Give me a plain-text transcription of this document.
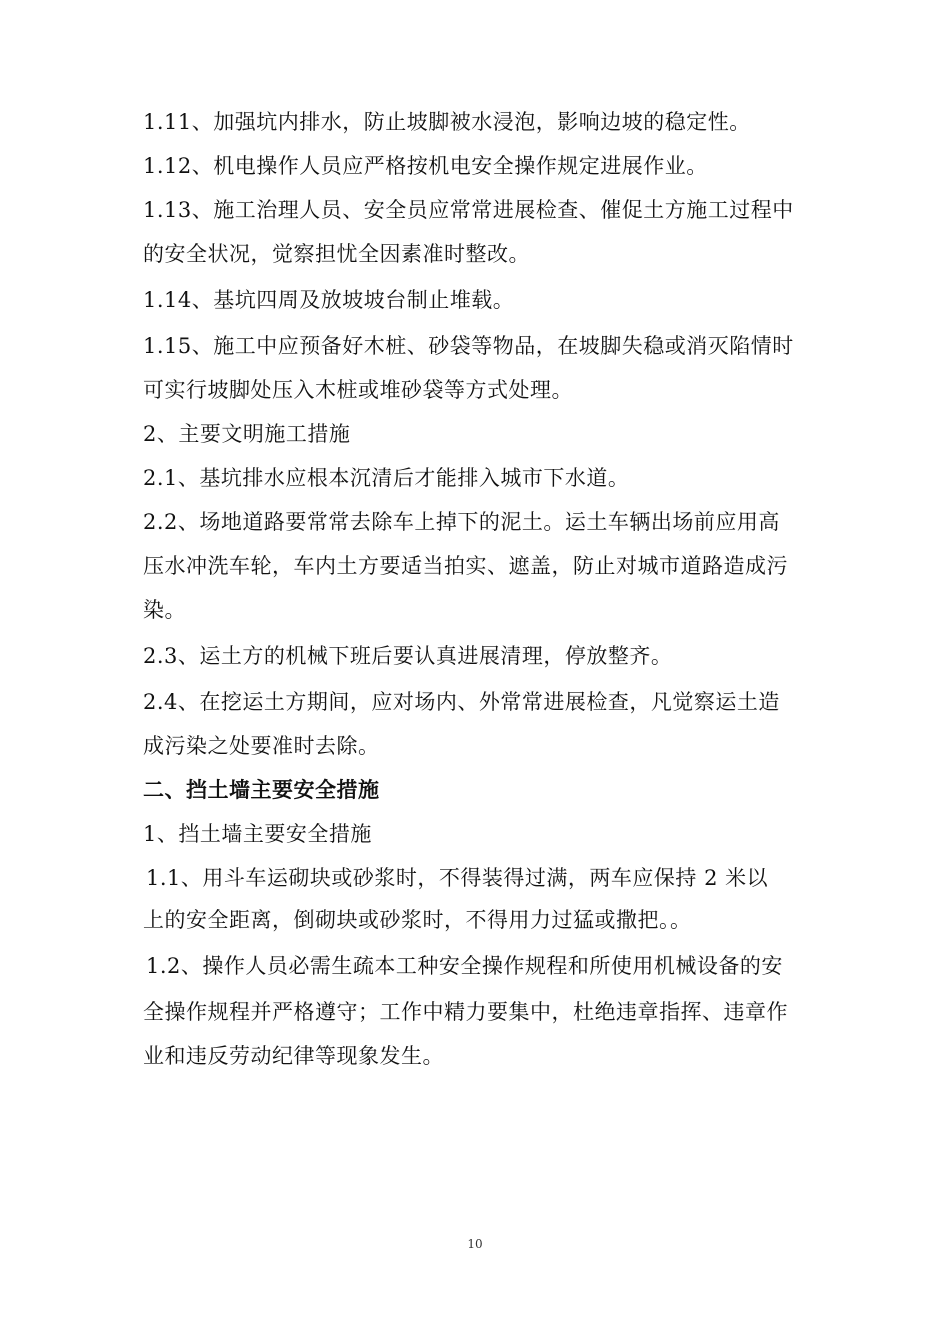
1.11、加强坑内排水，防止坡脚被水浸泡，影响边坡的稳定性。
1.12、机电操作人员应严格按机电安全操作规定进展作业。
1.13、施工治理人员、安全员应常常进展检查、催促土方施工过程中
的安全状况，觉察担忧全因素准时整改。
1.14、基坑四周及放坡坡台制止堆载。
1.15、施工中应预备好木桩、砂袋等物品，在坡脚失稳或消灭陷情时
可实行坡脚处压入木桩或堆砂袋等方式处理。
2、主要文明施工措施
2.1、基坑排水应根本沉清后才能排入城市下水道。
2.2、场地道路要常常去除车上掉下的泥土。运土车辆出场前应用高
压水冲洗车轮，车内土方要适当拍实、遮盖，防止对城市道路造成污
染。
2.3、运土方的机械下班后要认真进展清理，停放整齐。
2.4、在挖运土方期间，应对场内、外常常进展检查，凡觉察运土造
成污染之处要准时去除。
二、挡土墙主要安全措施
1、挡土墙主要安全措施
1.1、用斗车运砌块或砂浆时，不得装得过满，两车应保持 2 米以
上的安全距离，倒砌块或砂浆时，不得用力过猛或撒把。。
1.2、操作人员必需生疏本工种安全操作规程和所使用机械设备的安
全操作规程并严格遵守；工作中精力要集中，杜绝违章指挥、违章作
业和违反劳动纪律等现象发生。
10
